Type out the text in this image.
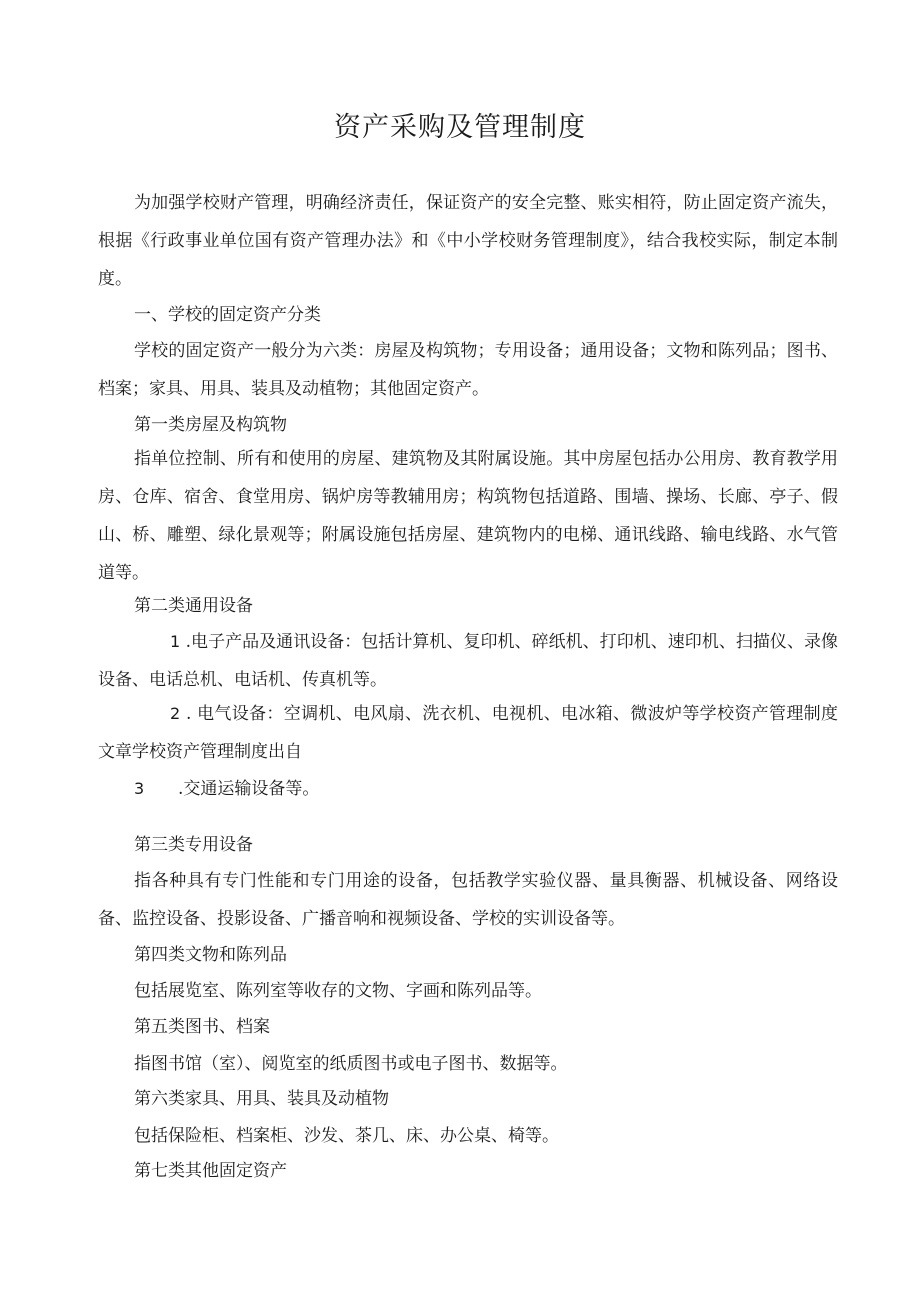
资产采购及管理制度

为加强学校财产管理，明确经济责任，保证资产的安全完整、账实相符，防止固定资产流失，根据《行政事业单位国有资产管理办法》和《中小学校财务管理制度》，结合我校实际，制定本制度。

一、学校的固定资产分类

学校的固定资产一般分为六类：房屋及构筑物；专用设备；通用设备；文物和陈列品；图书、档案；家具、用具、装具及动植物；其他固定资产。

第一类房屋及构筑物

指单位控制、所有和使用的房屋、建筑物及其附属设施。其中房屋包括办公用房、教育教学用房、仓库、宿舍、食堂用房、锅炉房等教辅用房；构筑物包括道路、围墙、操场、长廊、亭子、假山、桥、雕塑、绿化景观等；附属设施包括房屋、建筑物内的电梯、通讯线路、输电线路、水气管道等。

第二类通用设备

1 .电子产品及通讯设备：包括计算机、复印机、碎纸机、打印机、速印机、扫描仪、录像设备、电话总机、电话机、传真机等。

2 . 电气设备：空调机、电风扇、洗衣机、电视机、电冰箱、微波炉等学校资产管理制度文章学校资产管理制度出自

3 .交通运输设备等。

第三类专用设备

指各种具有专门性能和专门用途的设备，包括教学实验仪器、量具衡器、机械设备、网络设备、监控设备、投影设备、广播音响和视频设备、学校的实训设备等。

第四类文物和陈列品

包括展览室、陈列室等收存的文物、字画和陈列品等。

第五类图书、档案

指图书馆（室）、阅览室的纸质图书或电子图书、数据等。

第六类家具、用具、装具及动植物

包括保险柜、档案柜、沙发、茶几、床、办公桌、椅等。

第七类其他固定资产
